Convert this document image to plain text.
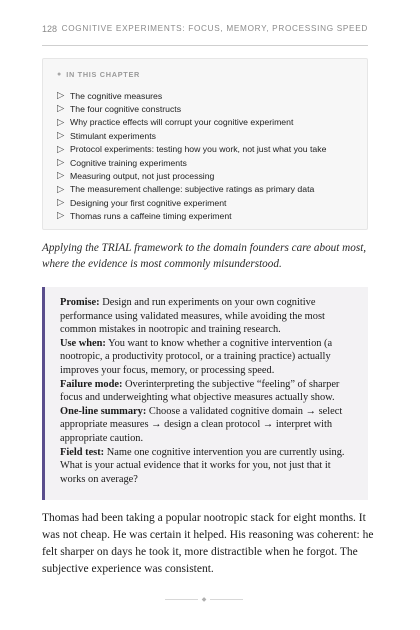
128 COGNITIVE EXPERIMENTS: FOCUS, MEMORY, PROCESSING SPEED
● IN THIS CHAPTER
▷ The cognitive measures
▷ The four cognitive constructs
▷ Why practice effects will corrupt your cognitive experiment
▷ Stimulant experiments
▷ Protocol experiments: testing how you work, not just what you take
▷ Cognitive training experiments
▷ Measuring output, not just processing
▷ The measurement challenge: subjective ratings as primary data
▷ Designing your first cognitive experiment
▷ Thomas runs a caffeine timing experiment

Applying the TRIAL framework to the domain founders care about most, where the evidence is most commonly misunderstood.

Promise: Design and run experiments on your own cognitive performance using validated measures, while avoiding the most common mistakes in nootropic and training research.

Use when: You want to know whether a cognitive intervention (a nootropic, a productivity protocol, or a training practice) actually improves your focus, memory, or processing speed.

Failure mode: Overinterpreting the subjective “feeling” of sharper focus and underweighting what objective measures actually show.

One-line summary: Choose a validated cognitive domain → select appropriate measures → design a clean protocol → interpret with appropriate caution.

Field test: Name one cognitive intervention you are currently using. What is your actual evidence that it works for you, not just that it works on average?

Thomas had been taking a popular nootropic stack for eight months. It was not cheap. He was certain it helped. His reasoning was coherent: he felt sharper on days he took it, more distractible when he forgot. The subjective experience was consistent.

◆
